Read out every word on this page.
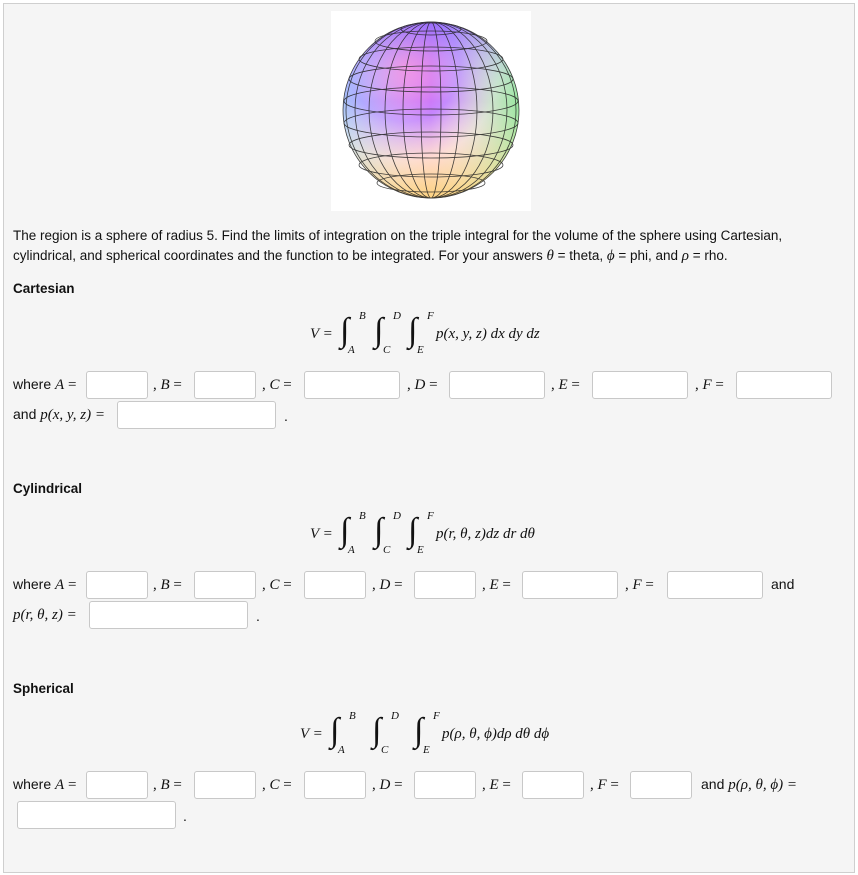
The region is a sphere of radius 5. Find the limits of integration on the triple integral for the volume of the sphere using Cartesian,
cylindrical, and spherical coordinates and the function to be integrated. For your answers θ = theta, ϕ = phi, and ρ = rho.
Cartesian
V = ∫ B
A
∫ D
C
∫ F
E
p(x, y, z) dx dy dz
where A =	, B =	, C =	, D =	, E =	, F =
and p(x, y, z) =	.
Cylindrical
V = ∫ B
A
∫ D
C
∫ F
E
p(r, θ, z)dz dr dθ
where A =	, B =	, C =	, D =	, E =	, F =	and
p(r, θ, z) =	.
Spherical
V = ∫ B
A
∫ D
C
∫ F
E
p(ρ, θ, ϕ)dρ dθ dϕ
where A =	, B =	, C =	, D =	, E =	, F =	and p(ρ, θ, ϕ) =
.
